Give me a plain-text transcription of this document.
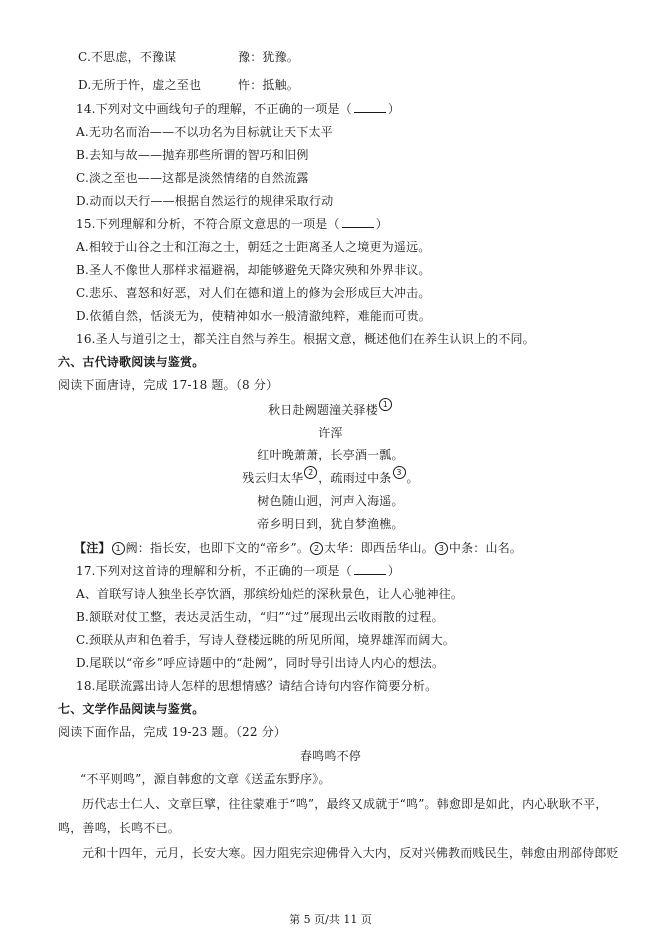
C.不思虑，不豫谋	豫：犹豫。
D.无所于忤，虚之至也	忤：抵触。
14.下列对文中画线句子的理解，不正确的一项是（	）
A.无功名而治——不以功名为目标就让天下太平
B.去知与故——抛弃那些所谓的智巧和旧例
C.淡之至也——这都是淡然情绪的自然流露
D.动而以天行——根据自然运行的规律采取行动
15.下列理解和分析，不符合原文意思的一项是（	）
A.相较于山谷之士和江海之士，朝廷之士距离圣人之境更为遥远。
B.圣人不像世人那样求福避祸，却能够避免天降灾殃和外界非议。
C.悲乐、喜怒和好恶，对人们在德和道上的修为会形成巨大冲击。
D.依循自然，恬淡无为，使精神如水一般清澈纯粹，难能而可贵。
16.圣人与道引之士，都关注自然与养生。根据文意，概述他们在养生认识上的不同。
六、古代诗歌阅读与鉴赏。
阅读下面唐诗，完成 17-18 题。（8 分）
秋日赴阙题潼关驿楼 1
许浑
红叶晚萧萧，长亭酒一瓢。
残云归太华 2 ，疏雨过中条 3 。
树色随山迥，河声入海遥。
帝乡明日到，犹自梦渔樵。
【注】 1 阙：指长安，也即下文的“帝乡”。 2 太华：即西岳华山。 3 中条：山名。
17.下列对这首诗的理解和分析，不正确的一项是（	）
A、首联写诗人独坐长亭饮酒，那缤纷灿烂的深秋景色，让人心驰神往。
B.颔联对仗工整，表达灵活生动，“归”“过”展现出云收雨散的过程。
C.颈联从声和色着手，写诗人登楼远眺的所见所闻，境界雄浑而阔大。
D.尾联以“帝乡”呼应诗题中的“赴阙”，同时导引出诗人内心的想法。
18.尾联流露出诗人怎样的思想情感？请结合诗句内容作简要分析。
七、文学作品阅读与鉴赏。
阅读下面作品，完成 19-23 题。（22 分）
春鸣鸣不停
“不平则鸣”，源自韩愈的文章《送孟东野序》。
历代志士仁人、文章巨擘，往往蒙难于“鸣”，最终又成就于“鸣”。韩愈即是如此，内心耿耿不平，
鸣，善鸣，长鸣不已。
元和十四年，元月，长安大寒。因力阻宪宗迎佛骨入大内，反对兴佛教而贱民生，韩愈由刑部侍郎贬
第 5 页/共 11 页
